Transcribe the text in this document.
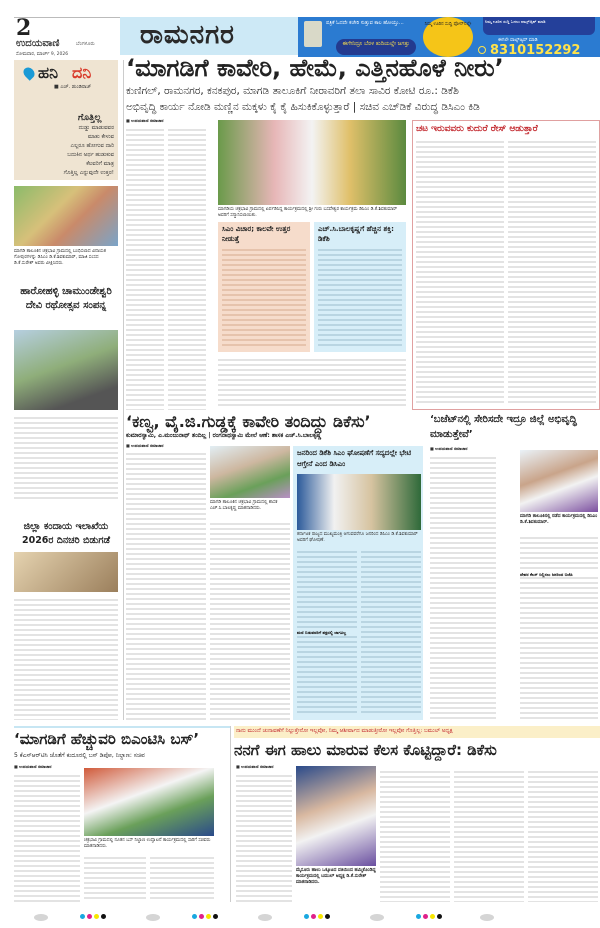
2
ಉದಯವಾಣಿ	ಬೆಂಗಳೂರು
ಸೋಮವಾರ, ಮಾರ್ಚ್ 9, 2026
ರಾಮನಗರ	ಪತ್ರಿಕೆ ಓದದೇ ಕಚೇರಿ ಸುತ್ತುವ ಕಾಲ ಹೋಯ್ತು...
ಈಗೇನಿದ್ರೂ ಬೆರಳ ತುದಿಯಲ್ಲೇ ಜಗತ್ತು
ನಿಮ್ಮ ಊರಿನ ಸುದ್ದಿ ಫೋನ್‌ನಲ್ಲೇ
ನಿಮ್ಮ ಊರಿನ ಸುದ್ದಿ ಓದಲು ವಾಟ್ಸ್ಆ್ಯಪ್ ಮಾಡಿ
ಈಗಲೇ ವಾಟ್ಸ್ಆ್ಯಪ್ ಮಾಡಿ
8310152292
ಹನಿ ದನಿ
■ ಎಚ್. ಡುಂಡಿರಾಜ್
ಗೊತ್ತಿಲ್ಲ
ದುಡ್ಡು ಮಾಡುವವರ
ಮಾತು ಕೇಳುವ
ಎಲ್ಲರೂ ಹೋಗುವ ದಾರಿ
ಬದುಕಿನ ಅರ್ಥ ಹುಡುಕುವ
ಕೆಲವರಿಗೆ ಮಾತ್ರ
ಗೊತ್ತಿಲ್ಲ ಎನ್ನುವುದೇ ಉತ್ತರ!
ಮಾಗಡಿ ತಾಲೂಕಿನ ಚಕ್ರಭಾವಿ ಗ್ರಾಮದಲ್ಲಿ ಬಂಧಿಸಲಾದ ವಿನಾಯಕ ಗೋಪುರಗಳನ್ನು ಡಿಸಿಎಂ ಡಿ.ಕೆ.ಶಿವಕುಮಾರ್, ಮಾಜಿ ಸಂಸದ ಡಿ.ಕೆ.ಸುರೇಶ್ ಅವರು ವೀಕ್ಷಿಸಿದರು.
ಹಾರೋಹಳ್ಳಿ ಚಾಮುಂಡೇಶ್ವರಿ ದೇವಿ ರಥೋತ್ಸವ ಸಂಪನ್ನ
ಜಿಲ್ಲಾ ಕಂದಾಯ ಇಲಾಖೆಯ 2026ರ ದಿನಚರಿ ಬಿಡುಗಡೆ
‘ಮಾಗಡಿಗೆ ಕಾವೇರಿ, ಹೇಮೆ, ಎತ್ತಿನಹೊಳೆ ನೀರು’
ಕುಣಿಗಲ್, ರಾಮನಗರ, ಕನಕಪುರ, ಮಾಗಡಿ ತಾಲೂಕಿಗೆ ನೀರಾವರಿಗೆ ತಲಾ ಸಾವಿರ ಕೋಟಿ ರೂ.: ಡಿಕೆಶಿ
ಅಭಿವೃದ್ಧಿ ಕಾರ್ಯ ನೋಡಿ ಮಣ್ಣಿನ ಮಕ್ಕಳು ಕೈ ಕೈ ಹಿಸುಕಿಕೊಳ್ಳುತ್ತಾರೆ | ಸಚಿವ ಎಚ್‌ಡಿಕೆ ವಿರುದ್ಧ ಡಿಸಿಎಂ ಕಿಡಿ
■ ಉದಯವಾಣಿ ಸಮಾಚಾರ
ಮಾಗಡಿಯ ಚಕ್ರಭಾವಿ ಗ್ರಾಮದಲ್ಲಿ ಏರ್ಪಡಿಸಿದ್ದ ಕಾರ್ಯಕ್ರಮದಲ್ಲಿ ಶ್ರೀ ಗುರು ಬಸವೇಶ್ವರ ಕಾರ್ಯಕ್ರಮ ಡಿಸಿಎಂ ಡಿ.ಕೆ.ಶಿವಕುಮಾರ್ ಅವರಿಗೆ ಸನ್ಮಾನಿಸಲಾಯಿತು.
ಸಿಎಂ ವಿಚಾರ; ಕಾಲವೇ ಉತ್ತರ ನೀಡುತ್ತೆ
ಎಚ್.ಸಿ.ಬಾಲಕೃಷ್ಣಗೆ ಹೆಚ್ಚಿನ ಶಕ್ತಿ: ಡಿಕೆಶಿ
ಚಟ ಇರುವವರು ಕುದುರೆ ರೇಸ್ ಆಡುತ್ತಾರೆ
‘ಕಣ್ವ, ವೈ.ಜಿ.ಗುಡ್ಡಕ್ಕೆ ಕಾವೇರಿ ತಂದಿದ್ದು ಡಿಕೆಸು’
ಕುಮಾರಸ್ವಾಮಿ, ಎ.ಮಂಜುನಾಥ್ ತಂದಿಲ್ಲ | ರಂಗನಾಥಸ್ವಾಮಿ ಮೇಲೆ ಆಣೆ: ಶಾಸಕ ಎಚ್.ಸಿ.ಬಾಲಕೃಷ್ಣ
■ ಉದಯವಾಣಿ ಸಮಾಚಾರ
ಮಾಗಡಿ ತಾಲೂಕಿನ ಚಕ್ರಭಾವಿ ಗ್ರಾಮದಲ್ಲಿ ಶಾಸಕ ಎಚ್.ಸಿ.ಬಾಲಕೃಷ್ಣ ಮಾತನಾಡಿದರು.
ಜನರಿಂದ ಡಿಕೆಶಿ ಸಿಎಂ ಘೋಷಣೆಗೆ ಸದ್ಯದಲ್ಲೇ ಭೇಟಿ ಆಗ್ತೇನೆ ಎಂದ ಡಿಸಿಎಂ
ಕರ್ನಾಟಕ ರಾಜ್ಯದ ಮುಖ್ಯಮಂತ್ರಿ ಆಗುವವರೆಗೂ ಜನರಿಂದ ಡಿಸಿಎಂ ಡಿ.ಕೆ.ಶಿವಕುಮಾರ್ ಅವರಿಗೆ ಘೋಷಣೆ.
ಮಣಿ ಬಿಡುವವರಿಗೆ ಪಕ್ಷದಲ್ಲಿ ಜಾಗವಿಲ್ಲ
‘ಬಜೆಟ್‌ನಲ್ಲಿ ಸೇರಿಸದೇ ಇದ್ರೂ ಜಿಲ್ಲೆ ಅಭಿವೃದ್ಧಿ ಮಾಡುತ್ತೇವೆ’
■ ಉದಯವಾಣಿ ಸಮಾಚಾರ
ಮಾಗಡಿ ತಾಲೂಕಿನಲ್ಲಿ ನಡೆದ ಕಾರ್ಯಕ್ರಮದಲ್ಲಿ ಡಿಸಿಎಂ ಡಿ.ಕೆ.ಶಿವಕುಮಾರ್.
ದೇವರ ಕೆಲಸ್ ನಿಲ್ಲಿಸಲು ಜನರಿಂದ ಬಿಜೆಪಿ
‘ಮಾಗಡಿಗೆ ಹೆಚ್ಚುವರಿ ಬಿಎಂಟಿಸಿ ಬಸ್’
5 ಕೆಎಸ್‌ಆರ್‌ಟಿಸಿ ಜೊತೆಗೆ ಕುದೂರಲ್ಲಿ ಬಸ್ ಡಿಪೋ, ನಿಲ್ದಾಣ: ಸಚಿವ
■ ಉದಯವಾಣಿ ಸಮಾಚಾರ
ಚಕ್ರಭಾವಿ ಗ್ರಾಮದಲ್ಲಿ ನೂತನ ಬಸ್ ನಿಲ್ದಾಣ ಉದ್ಘಾಟನೆ ಕಾರ್ಯಕ್ರಮದಲ್ಲಿ ಸಾರಿಗೆ ಸಚಿವರು ಮಾತನಾಡಿದರು.
ನಾನು ಮುಂದೆ ಚುನಾವಣೆಗೆ ನಿಲ್ಲುತ್ತೇನೋ ಇಲ್ಲವೋ, ನಿಮ್ಮ ಆಶೀರ್ವಾದ ಮಾಡುತ್ತೀರೋ ಇಲ್ಲವೋ ಗೊತ್ತಿಲ್ಲ: ಬಮುಲ್ ಅಧ್ಯಕ್ಷ
ನನಗೆ ಈಗ ಹಾಲು ಮಾರುವ ಕೆಲಸ ಕೊಟ್ಟಿದ್ದಾರೆ: ಡಿಕೆಸು
■ ಉದಯವಾಣಿ ಸಮಾಚಾರ
ಮೈಸೂರು ಹಾಲು ಒಕ್ಕೂಟದ ವತಿಯಿಂದ ಹಮ್ಮಿಕೊಂಡಿದ್ದ ಕಾರ್ಯಕ್ರಮದಲ್ಲಿ ಬಮುಲ್ ಅಧ್ಯಕ್ಷ ಡಿ.ಕೆ.ಸುರೇಶ್ ಮಾತನಾಡಿದರು.
